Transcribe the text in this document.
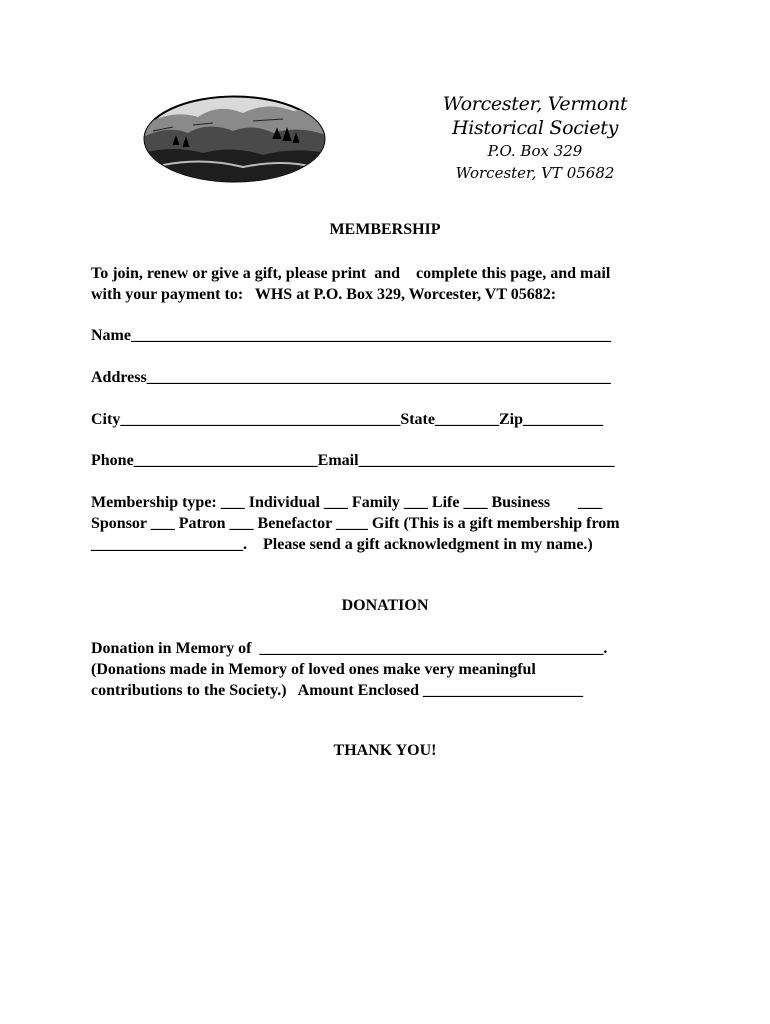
Worcester, Vermont
Historical Society
P.O. Box 329
Worcester, VT 05682
MEMBERSHIP
To join, renew or give a gift, please print  and    complete this page, and mail
with your payment to:   WHS at P.O. Box 329, Worcester, VT 05682:
Name____________________________________________________________
Address__________________________________________________________
City___________________________________State________Zip__________
Phone_______________________Email________________________________
Membership type: ___ Individual ___ Family ___ Life ___ Business       ___
Sponsor ___ Patron ___ Benefactor ____ Gift (This is a gift membership from
___________________.    Please send a gift acknowledgment in my name.)
DONATION
Donation in Memory of  ___________________________________________.
(Donations made in Memory of loved ones make very meaningful
contributions to the Society.)   Amount Enclosed ____________________
THANK YOU!
